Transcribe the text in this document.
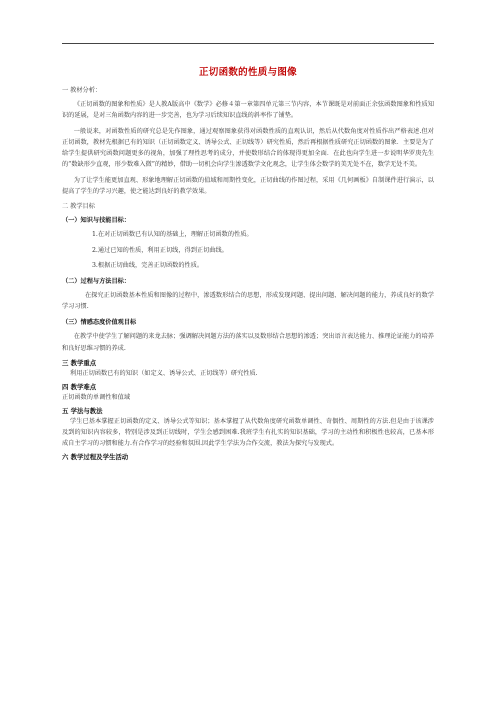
正切函数的性质与图像
一 教材分析：

《正切函数的图象和性质》是人教A版高中《数学》必修４第一章第四单元第三节内容，本节课既是对前面正余弦函数图象和性质知识的延展，是对三角函数内容的进一步完善，也为学习后续知识直线的斜率作了铺垫。

一般说来，对函数性质的研究总是先作图象，通过观察图象获得对函数性质的直观认识，然后从代数角度对性质作出严格表述.但对正切函数，教材先根据已有的知识（正切函数定义、诱导公式、正切线等）研究性质，然后再根据性质研究正切函数的图象．主要是为了给学生提供研究函数问题更多的视角，加强了理性思考的成分，并使数形结合的体现得更加全面．在此也向学生进一步说明华罗庚先生的“数缺形少直观，形少数难入微”的精妙，借助一切机会向学生渗透数学文化观念，让学生体会数学的美无处不在，数学无处不美。

为了让学生能更加直观、形象地理解正切函数的值域和周期性变化，正切曲线的作图过程，采用《几何画板》自制课件进行演示，以提高了学生的学习兴趣，使之能达到良好的教学效果。

二 教学目标
（一）知识与技能目标：
1.在对正切函数已有认知的基础上，理解正切函数的性质。
2.通过已知的性质，利用正切线，得到正切曲线。
3.根据正切曲线，完善正切函数的性质。
（二）过程与方法目标：

在探究正切函数基本性质和图像的过程中，渗透数形结合的思想，形成发现问题、提出问题、解决问题的能力，养成良好的数学学习习惯.

（三）情感态度价值观目标

在教学中使学生了解问题的来龙去脉；强调解决问题方法的落实以及数形结合思想的渗透；突出语言表达能力、推理论证能力的培养和良好思维习惯的养成.

三 教学重点
利用正切函数已有的知识（如定义、诱导公式、正切线等）研究性质.
四 教学难点
正切函数的单调性和值域
五 学法与教法
学生已基本掌握正切函数的定义、诱导公式等知识；基本掌握了从代数角度研究函数单调性、奇偶性、周期性的方法.但是由于该课涉及到的知识内容较多，特别是涉及到正切线时，学生会感到困难.我班学生有扎实的知识基础，学习的主动性和积极性也较高，已基本形成自主学习的习惯和能力.有合作学习的经验和氛围.因此学生学法为合作交流，教法为探究与发现式。
六 教学过程及学生活动
